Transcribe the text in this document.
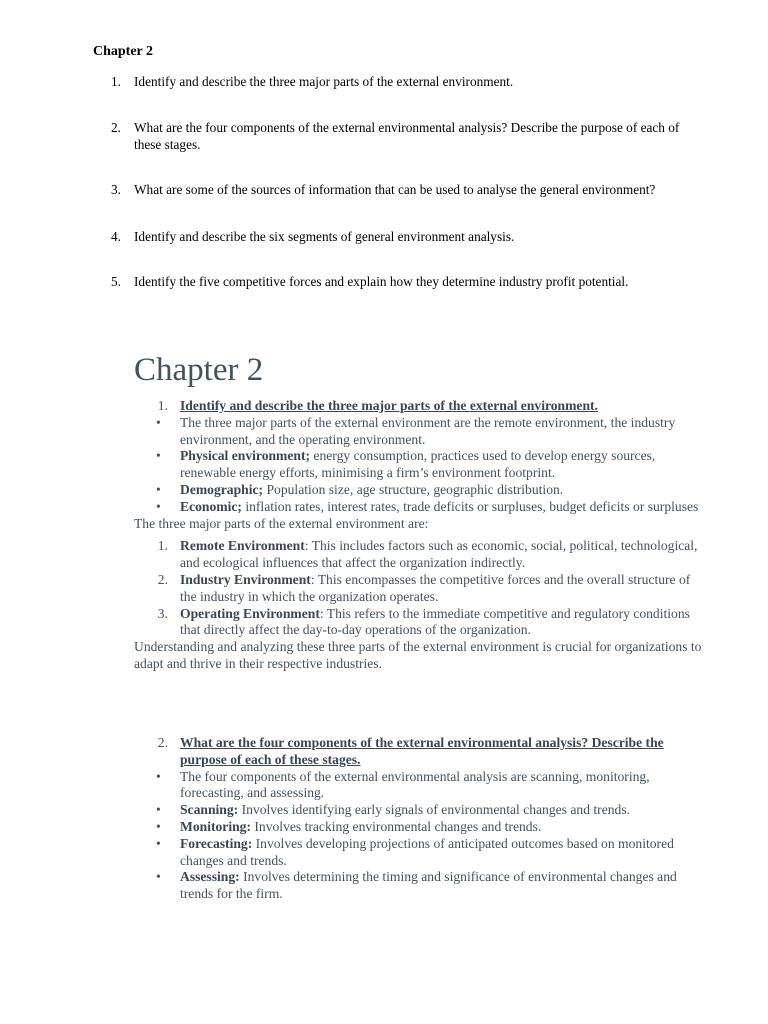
Chapter 2
1. Identify and describe the three major parts of the external environment.
2. What are the four components of the external environmental analysis? Describe the purpose of each of these stages.
3. What are some of the sources of information that can be used to analyse the general environment?
4. Identify and describe the six segments of general environment analysis.
5. Identify the five competitive forces and explain how they determine industry profit potential.
Chapter 2
1. Identify and describe the three major parts of the external environment.
• The three major parts of the external environment are the remote environment, the industry environment, and the operating environment.
• Physical environment; energy consumption, practices used to develop energy sources, renewable energy efforts, minimising a firm’s environment footprint.
• Demographic; Population size, age structure, geographic distribution.
• Economic; inflation rates, interest rates, trade deficits or surpluses, budget deficits or surpluses
The three major parts of the external environment are:
1. Remote Environment: This includes factors such as economic, social, political, technological, and ecological influences that affect the organization indirectly.
2. Industry Environment: This encompasses the competitive forces and the overall structure of the industry in which the organization operates.
3. Operating Environment: This refers to the immediate competitive and regulatory conditions that directly affect the day-to-day operations of the organization.
Understanding and analyzing these three parts of the external environment is crucial for organizations to adapt and thrive in their respective industries.
2. What are the four components of the external environmental analysis? Describe the purpose of each of these stages.
• The four components of the external environmental analysis are scanning, monitoring, forecasting, and assessing.
• Scanning: Involves identifying early signals of environmental changes and trends.
• Monitoring: Involves tracking environmental changes and trends.
• Forecasting: Involves developing projections of anticipated outcomes based on monitored changes and trends.
• Assessing: Involves determining the timing and significance of environmental changes and trends for the firm.
